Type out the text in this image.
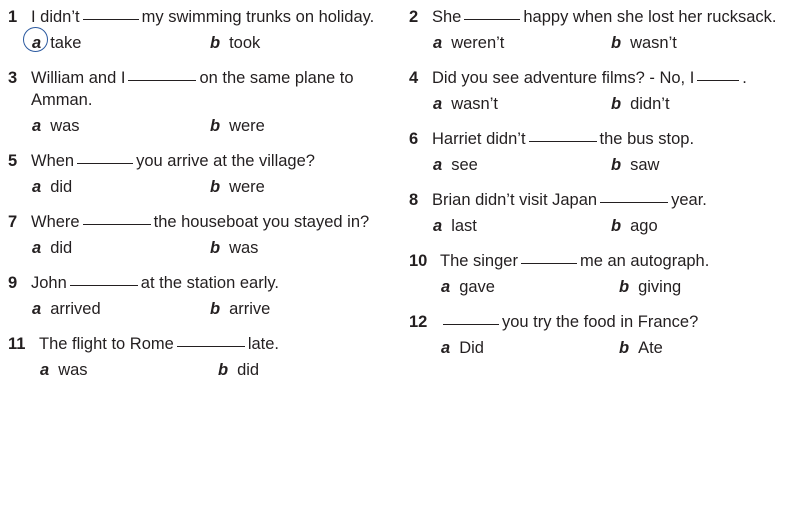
1 I didn’t	my swimming trunks on holiday.
a take	b took
3 William and I	on the same plane to Amman.
a was	b were
5 When	you arrive at the village?
a did	b were
7 Where	the houseboat you stayed in?
a did	b was
9 John	at the station early.
a arrived	b arrive
11 The flight to Rome	late.
a was	b did
2 She	happy when she lost her rucksack.
a weren’t	b wasn’t
4 Did you see adventure films? - No, I	.
a wasn’t	b didn’t
6 Harriet didn’t	the bus stop.
a see	b saw
8 Brian didn’t visit Japan	year.
a last	b ago
10 The singer	me an autograph.
a gave	b giving
12	you try the food in France?
a Did	b Ate
